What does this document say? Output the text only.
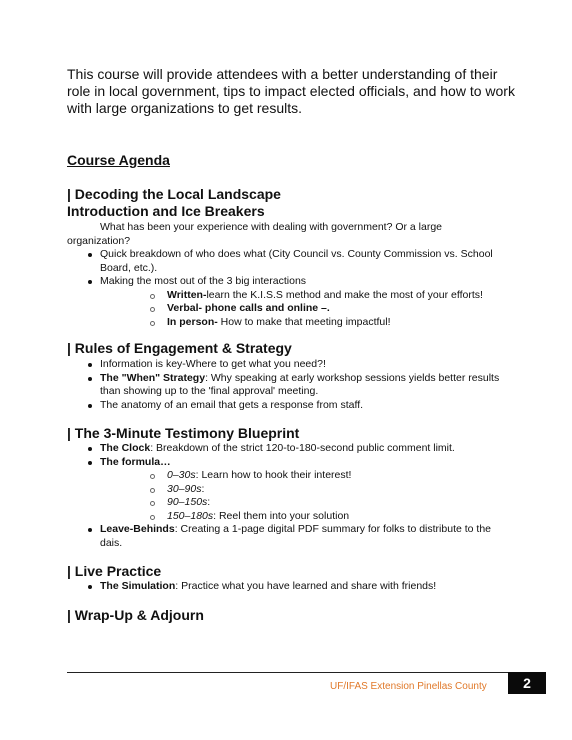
This course will provide attendees with a better understanding of their role in local government, tips to impact elected officials, and how to work with large organizations to get results.

Course Agenda
| Decoding the Local Landscape
Introduction and Ice Breakers

What has been your experience with dealing with government? Or a large organization?

Quick breakdown of who does what (City Council vs. County Commission vs. School Board, etc.).
Making the most out of the 3 big interactions
Written-learn the K.I.S.S method and make the most of your efforts!
Verbal- phone calls and online –.
In person- How to make that meeting impactful!
| Rules of Engagement & Strategy
Information is key-Where to get what you need?!
The "When" Strategy: Why speaking at early workshop sessions yields better results than showing up to the 'final approval' meeting.
The anatomy of an email that gets a response from staff.
| The 3-Minute Testimony Blueprint
The Clock: Breakdown of the strict 120-to-180-second public comment limit.
The formula…
0–30s: Learn how to hook their interest!
30–90s:
90–150s:
150–180s: Reel them into your solution
Leave-Behinds: Creating a 1-page digital PDF summary for folks to distribute to the dais.
| Live Practice
The Simulation: Practice what you have learned and share with friends!
| Wrap-Up & Adjourn
UF/IFAS Extension Pinellas County	2
